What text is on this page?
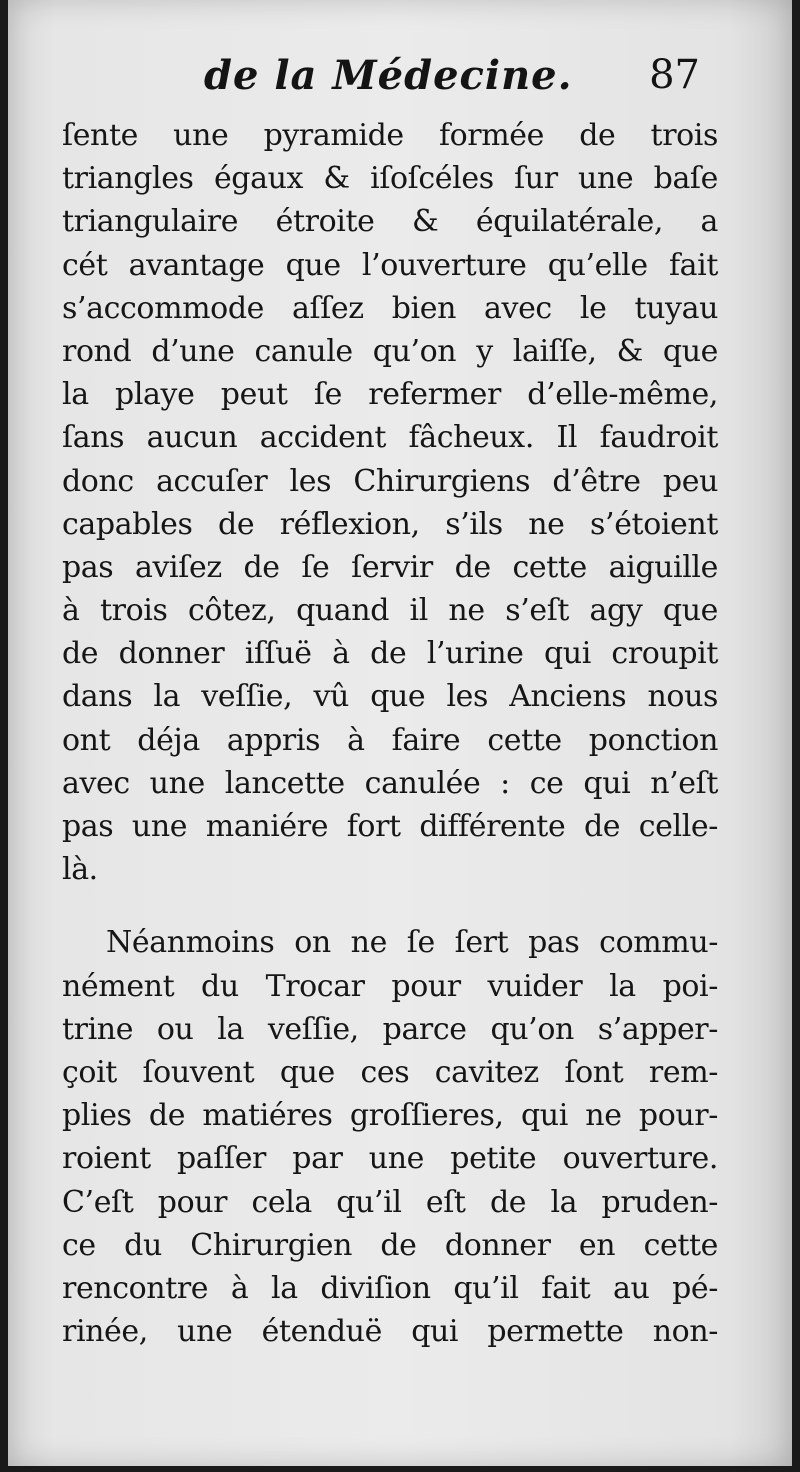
de la Médecine. 87
ſente une pyramide formée de trois
triangles égaux & iſoſcéles ſur une baſe
triangulaire étroite & équilatérale, a
cét avantage que l’ouverture qu’elle fait
s’accommode aſſez bien avec le tuyau
rond d’une canule qu’on y laiſſe, & que
la playe peut ſe refermer d’elle-même,
ſans aucun accident fâcheux. Il faudroit
donc accuſer les Chirurgiens d’être peu
capables de réflexion, s’ils ne s’étoient
pas aviſez de ſe ſervir de cette aiguille
à trois côtez, quand il ne s’eſt agy que
de donner iſſuë à de l’urine qui croupit
dans la veſſie, vû que les Anciens nous
ont déja appris à faire cette ponction
avec une lancette canulée : ce qui n’eſt
pas une maniére fort différente de celle-
là.
Néanmoins on ne ſe ſert pas commu-
nément du Trocar pour vuider la poi-
trine ou la veſſie, parce qu’on s’apper-
çoit ſouvent que ces cavitez ſont rem-
plies de matiéres groſſieres, qui ne pour-
roient paſſer par une petite ouverture.
C’eſt pour cela qu’il eſt de la pruden-
ce du Chirurgien de donner en cette
rencontre à la diviſion qu’il fait au pé-
rinée, une étenduë qui permette non-
